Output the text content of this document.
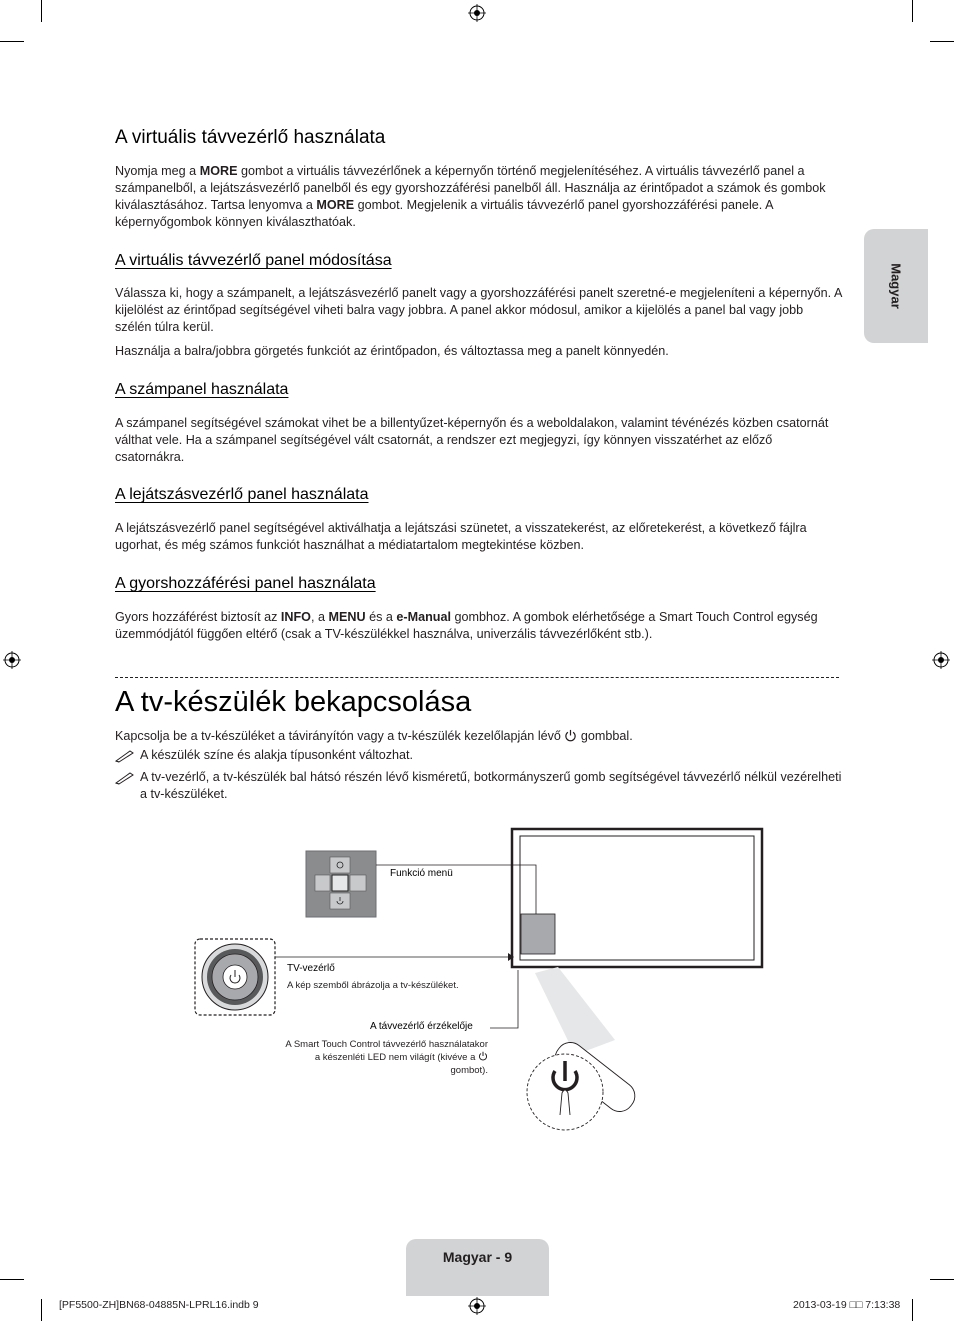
Magyar
A virtuális távvezérlő használata

Nyomja meg a MORE gombot a virtuális távvezérlőnek a képernyőn történő megjelenítéséhez. A virtuális távvezérlő panel a számpanelből, a lejátszásvezérlő panelből és egy gyorshozzáférési panelből áll. Használja az érintőpadot a számok és gombok kiválasztásához. Tartsa lenyomva a MORE gombot. Megjelenik a virtuális távvezérlő panel gyorshozzáférési panele. A képernyőgombok könnyen kiválaszthatóak.

A virtuális távvezérlő panel módosítása

Válassza ki, hogy a számpanelt, a lejátszásvezérlő panelt vagy a gyorshozzáférési panelt szeretné-e megjeleníteni a képernyőn. A kijelölést az érintőpad segítségével viheti balra vagy jobbra. A panel akkor módosul, amikor a kijelölés a panel bal vagy jobb szélén túlra kerül.

Használja a balra/jobbra görgetés funkciót az érintőpadon, és változtassa meg a panelt könnyedén.

A számpanel használata

A számpanel segítségével számokat vihet be a billentyűzet-képernyőn és a weboldalakon, valamint tévénézés közben csatornát válthat vele. Ha a számpanel segítségével vált csatornát, a rendszer ezt megjegyzi, így könnyen visszatérhet az előző csatornákra.

A lejátszásvezérlő panel használata

A lejátszásvezérlő panel segítségével aktiválhatja a lejátszási szünetet, a visszatekerést, az előretekerést, a következő fájlra ugorhat, és még számos funkciót használhat a médiatartalom megtekintése közben.

A gyorshozzáférési panel használata

Gyors hozzáférést biztosít az INFO, a MENU és a e-Manual gombhoz. A gombok elérhetősége a Smart Touch Control egység üzemmódjától függően eltérő (csak a TV-készülékkel használva, univerzális távvezérlőként stb.).

A tv-készülék bekapcsolása

Kapcsolja be a tv-készüléket a távirányítón vagy a tv-készülék kezelőlapján lévő  gombbal.

A készülék színe és alakja típusonként változhat.
A tv-vezérlő, a tv-készülék bal hátsó részén lévő kisméretű, botkormányszerű gomb segítségével távvezérlő nélkül vezérelheti a tv-készüléket.
Funkció menü
TV-vezérlő
A kép szemből ábrázolja a tv-készüléket.
A távvezérlő érzékelője
A Smart Touch Control távvezérlő használatakor
a készenléti LED nem világít (kivéve a
gombot).
Magyar - 9
[PF5500-ZH]BN68-04885N-LPRL16.indb 9	2013-03-19 □□ 7:13:38
